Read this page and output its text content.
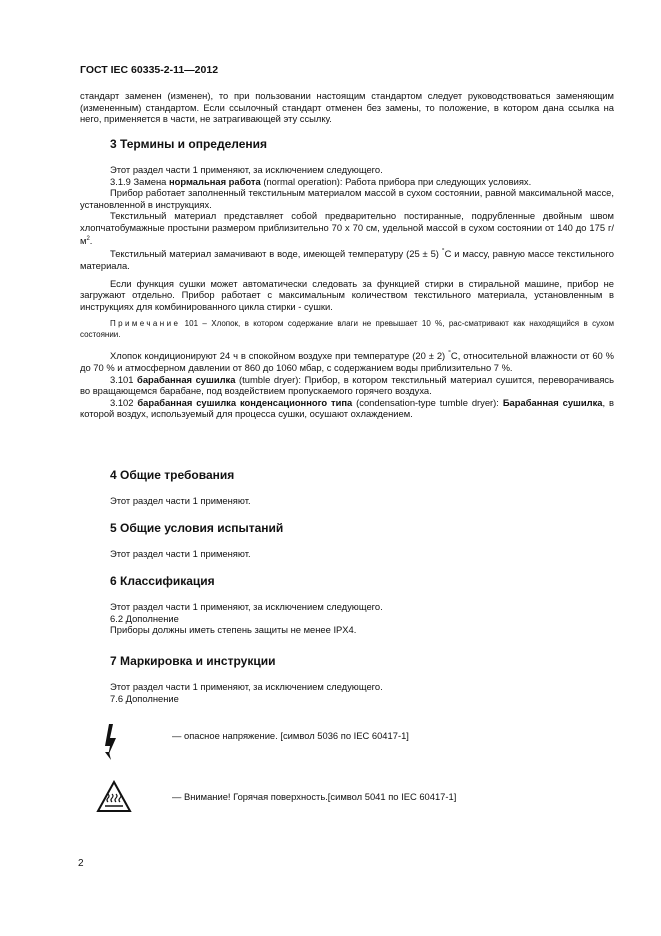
ГОСТ IEC 60335-2-11—2012

стандарт заменен (изменен), то при пользовании настоящим стандартом следует руководствоваться заменяющим (измененным) стандартом. Если ссылочный стандарт отменен без замены, то положение, в котором дана ссылка на него, применяется в части, не затрагивающей эту ссылку.

3 Термины и определения

Этот раздел части 1 применяют, за исключением следующего.

3.1.9 Замена нормальная работа (normal operation): Работа прибора при следующих условиях.

Прибор работает заполненный текстильным материалом массой в сухом состоянии, равной максимальной массе, установленной в инструкциях.

Текстильный материал представляет собой предварительно постиранные, подрубленные двойным швом хлопчатобумажные простыни размером приблизительно 70 х 70 см, удельной массой в сухом состоянии от 140 до 175 $г/м^2$.

Текстильный материал замачивают в воде, имеющей температуру (25 ± 5) °С и массу, равную массе текстильного материала.

Если функция сушки может автоматически следовать за функцией стирки в стиральной машине, прибор не загружают отдельно. Прибор работает с максимальным количеством текстильного материала, установленным в инструкциях для комбинированного цикла стирки - сушки.

Примечание 101 – Хлопок, в котором содержание влаги не превышает 10 %, рас-сматривают как находящийся в сухом состоянии.

Хлопок кондиционируют 24 ч в спокойном воздухе при температуре (20 ± 2) °С, относительной влажности от 60 % до 70 % и атмосферном давлении от 860 до 1060 мбар, с содержанием воды приблизительно 7 %.

3.101 барабанная сушилка (tumble dryer): Прибор, в котором текстильный материал сушится, переворачиваясь во вращающемся барабане, под воздействием пропускаемого горячего воздуха.

3.102 барабанная сушилка конденсационного типа (condensation-type tumble dryer): Барабанная сушилка, в которой воздух, используемый для процесса сушки, осушают охлаждением.

4 Общие требования

Этот раздел части 1 применяют.

5 Общие условия испытаний

Этот раздел части 1 применяют.

6 Классификация

Этот раздел части 1 применяют, за исключением следующего.

6.2 Дополнение

Приборы должны иметь степень защиты не менее IPX4.

7 Маркировка и инструкции

Этот раздел части 1 применяют, за исключением следующего.

7.6 Дополнение

— опасное напряжение. [символ 5036 по IEC 60417-1]
— Внимание! Горячая поверхность.[символ 5041 по IEC 60417-1]
2
